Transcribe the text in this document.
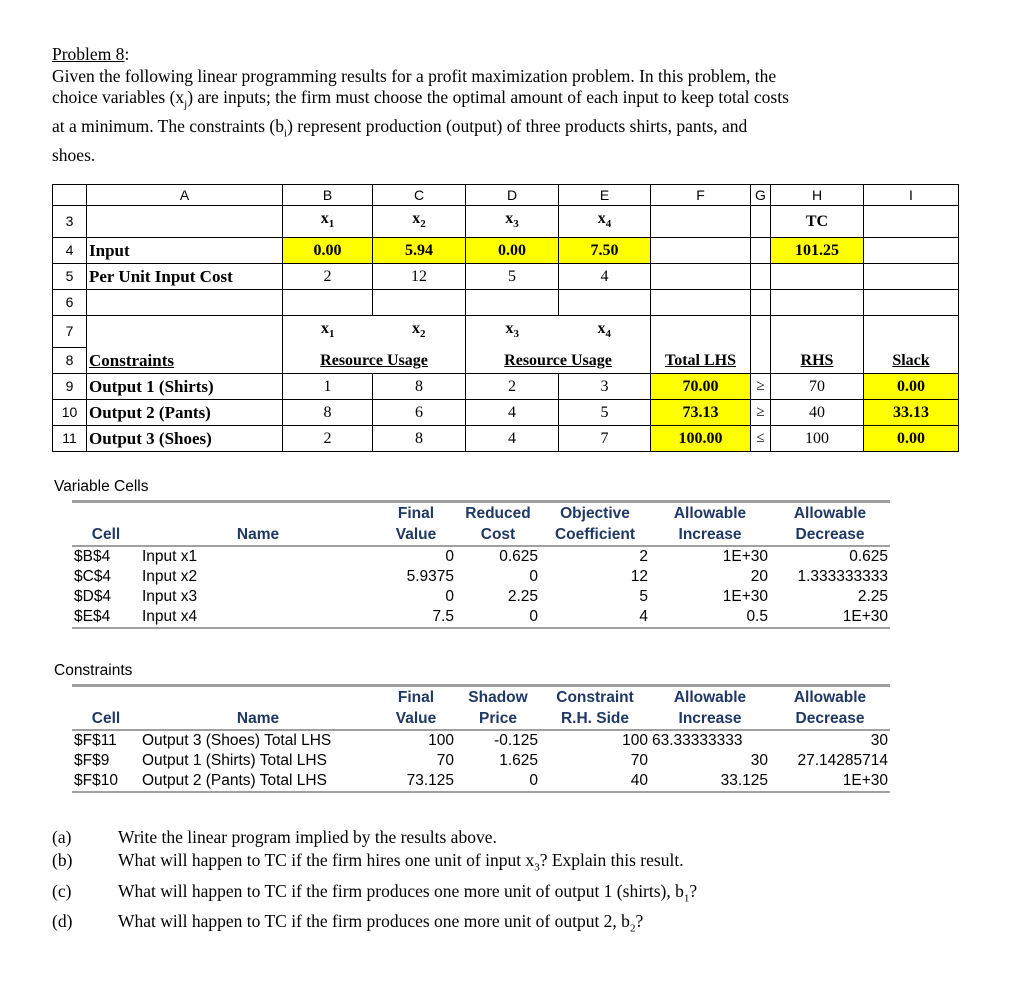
Problem 8:
Given the following linear programming results for a profit maximization problem. In this problem, the
choice variables $(x_j)$ are inputs; the firm must choose the optimal amount of each input to keep total costs
at a minimum. The constraints $(b_i)$ represent production (output) of three products shirts, pants, and
shoes.
	A	B	C	D	E	F	G	H	I
3		$x_1$	$x_2$	$x_3$	$x_4$			TC	
4	Input	0.00	5.94	0.00	7.50			101.25	
5	Per Unit Input Cost	2	12	5	4				
6									
7		$x_1$	$x_2$	$x_3$	$x_4$				
8	Constraints	Resource Usage		Resource Usage		Total LHS		RHS	Slack
9	Output 1 (Shirts)	1	8	2	3	70.00	≥	70	0.00
10	Output 2 (Pants)	8	6	4	5	73.13	≥	40	33.13
11	Output 3 (Shoes)	2	8	4	7	100.00	≤	100	0.00
Variable Cells
		Final	Reduced	Objective	Allowable	Allowable
Cell	Name	Value	Cost	Coefficient	Increase	Decrease
$B$4	Input x1	0	0.625	2	1E+30	0.625
$C$4	Input x2	5.9375	0	12	20	1.333333333
$D$4	Input x3	0	2.25	5	1E+30	2.25
$E$4	Input x4	7.5	0	4	0.5	1E+30
Constraints
		Final	Shadow	Constraint	Allowable	Allowable
Cell	Name	Value	Price	R.H. Side	Increase	Decrease
$F$11	Output 3 (Shoes) Total LHS	100	-0.125	100	63.33333333	30
$F$9	Output 1 (Shirts) Total LHS	70	1.625	70	30	27.14285714
$F$10	Output 2 (Pants) Total LHS	73.125	0	40	33.125	1E+30
(a)	Write the linear program implied by the results above.
(b)	What will happen to TC if the firm hires one unit of input $x_3$? Explain this result.
(c)	What will happen to TC if the firm produces one more unit of output 1 (shirts), $b_1$?
(d)	What will happen to TC if the firm produces one more unit of output 2, $b_2$?
